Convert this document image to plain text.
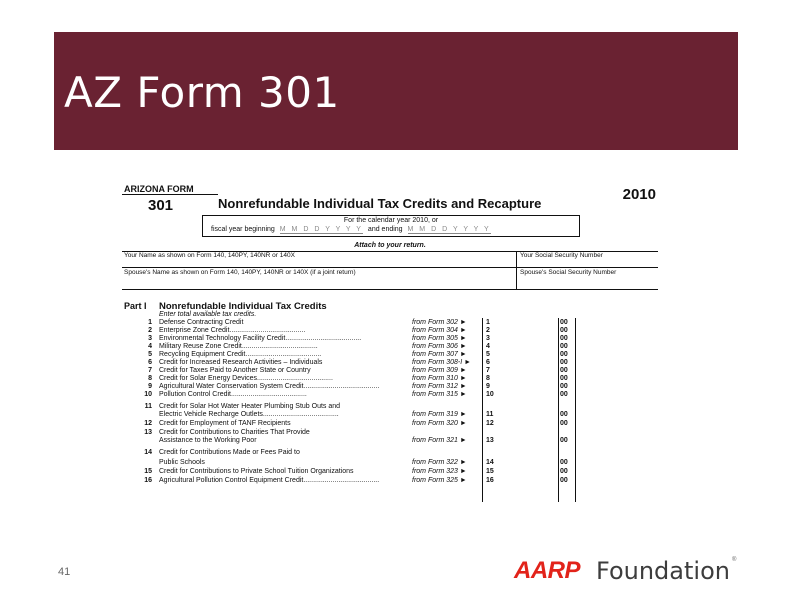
AZ Form 301
ARIZONA FORM
301	Nonrefundable Individual Tax Credits and Recapture
2010
For the calendar year 2010, or
fiscal year beginning M M D D Y Y Y Y and ending M M D D Y Y Y Y
Attach to your return.
Your Name as shown on Form 140, 140PY, 140NR or 140X	Your Social Security Number
Spouse's Name as shown on Form 140, 140PY, 140NR or 140X (if a joint return)	Spouse's Social Security Number
Part I Nonrefundable Individual Tax Credits
Enter total available tax credits.
1 Defense Contracting Credit	from Form 302 ►	1	00
2 Enterprise Zone Credit.......................................	from Form 304 ►	2	00
3 Environmental Technology Facility Credit.......................................	from Form 305 ►	3	00
4 Military Reuse Zone Credit.......................................	from Form 306 ►	4	00
5 Recycling Equipment Credit.......................................	from Form 307 ►	5	00
6 Credit for Increased Research Activities – Individuals	from Form 308-I ► 6	00
7 Credit for Taxes Paid to Another State or Country	from Form 309 ►	7	00
8 Credit for Solar Energy Devices.......................................	from Form 310 ►	8	00
9 Agricultural Water Conservation System Credit.......................................	from Form 312 ►	9	00
10 Pollution Control Credit.......................................	from Form 315 ►	10	00
11 Credit for Solar Hot Water Heater Plumbing Stub Outs and
Electric Vehicle Recharge Outlets.......................................	from Form 319 ►	11	00
12 Credit for Employment of TANF Recipients	from Form 320 ►	12	00
13 Credit for Contributions to Charities That Provide
Assistance to the Working Poor	from Form 321 ►	13	00
14 Credit for Contributions Made or Fees Paid to
Public Schools	from Form 322 ►	14	00
15 Credit for Contributions to Private School Tuition Organizations	from Form 323 ►	15	00
16 Agricultural Pollution Control Equipment Credit.......................................	from Form 325 ►	16	00
41	AARP Foundation ®
